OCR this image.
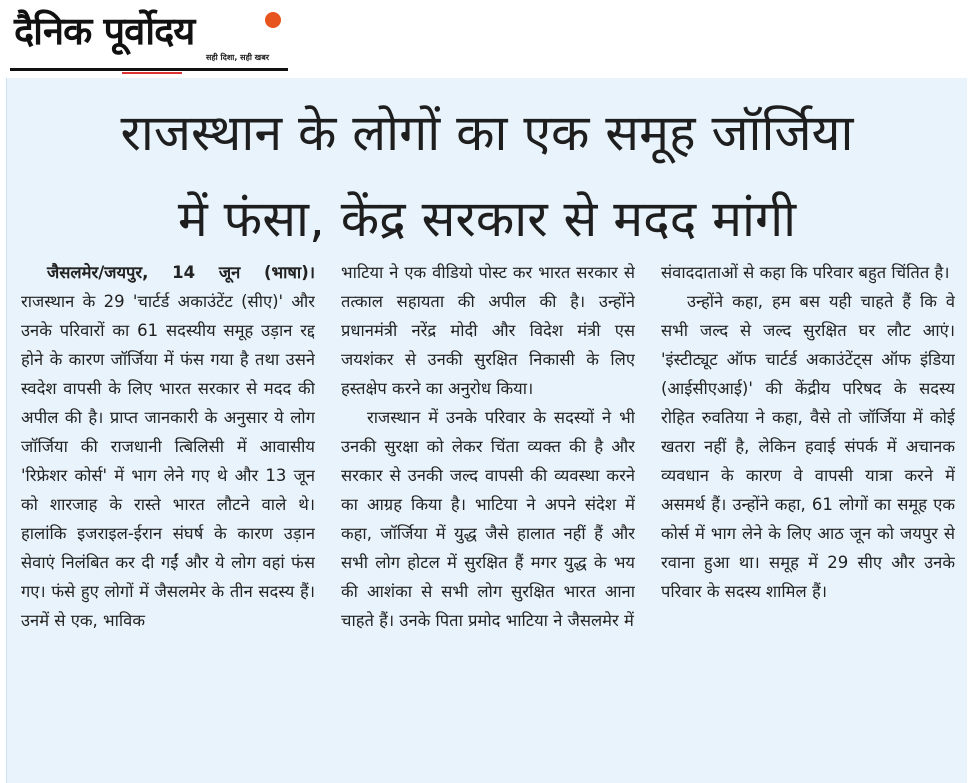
दैनिक पूर्वोदय
सही दिशा, सही खबर
राजस्थान के लोगों का एक समूह जॉर्जिया
में फंसा, केंद्र सरकार से मदद मांगी

जैसलमेर/जयपुर, 14 जून (भाषा)। राजस्थान के 29 'चार्टर्ड अकाउंटेंट (सीए)' और उनके परिवारों का 61 सदस्यीय समूह उड़ान रद्द होने के कारण जॉर्जिया में फंस गया है तथा उसने स्वदेश वापसी के लिए भारत सरकार से मदद की अपील की है। प्राप्त जानकारी के अनुसार ये लोग जॉर्जिया की राजधानी त्बिलिसी में आवासीय 'रिफ्रेशर कोर्स' में भाग लेने गए थे और 13 जून को शारजाह के रास्ते भारत लौटने वाले थे। हालांकि इजराइल-ईरान संघर्ष के कारण उड़ान सेवाएं निलंबित कर दी गईं और ये लोग वहां फंस गए। फंसे हुए लोगों में जैसलमेर के तीन सदस्य हैं। उनमें से एक, भाविक

भाटिया ने एक वीडियो पोस्ट कर भारत सरकार से तत्काल सहायता की अपील की है। उन्होंने प्रधानमंत्री नरेंद्र मोदी और विदेश मंत्री एस जयशंकर से उनकी सुरक्षित निकासी के लिए हस्तक्षेप करने का अनुरोध किया।

राजस्थान में उनके परिवार के सदस्यों ने भी उनकी सुरक्षा को लेकर चिंता व्यक्त की है और सरकार से उनकी जल्द वापसी की व्यवस्था करने का आग्रह किया है। भाटिया ने अपने संदेश में कहा, जॉर्जिया में युद्ध जैसे हालात नहीं हैं और सभी लोग होटल में सुरक्षित हैं मगर युद्ध के भय की आशंका से सभी लोग सुरक्षित भारत आना चाहते हैं। उनके पिता प्रमोद भाटिया ने जैसलमेर में

संवाददाताओं से कहा कि परिवार बहुत चिंतित है।

उन्होंने कहा, हम बस यही चाहते हैं कि वे सभी जल्द से जल्द सुरक्षित घर लौट आएं। 'इंस्टीट्यूट ऑफ चार्टर्ड अकाउंटेंट्स ऑफ इंडिया (आईसीएआई)' की केंद्रीय परिषद के सदस्य रोहित रुवतिया ने कहा, वैसे तो जॉर्जिया में कोई खतरा नहीं है, लेकिन हवाई संपर्क में अचानक व्यवधान के कारण वे वापसी यात्रा करने में असमर्थ हैं। उन्होंने कहा, 61 लोगों का समूह एक कोर्स में भाग लेने के लिए आठ जून को जयपुर से रवाना हुआ था। समूह में 29 सीए और उनके परिवार के सदस्य शामिल हैं।
